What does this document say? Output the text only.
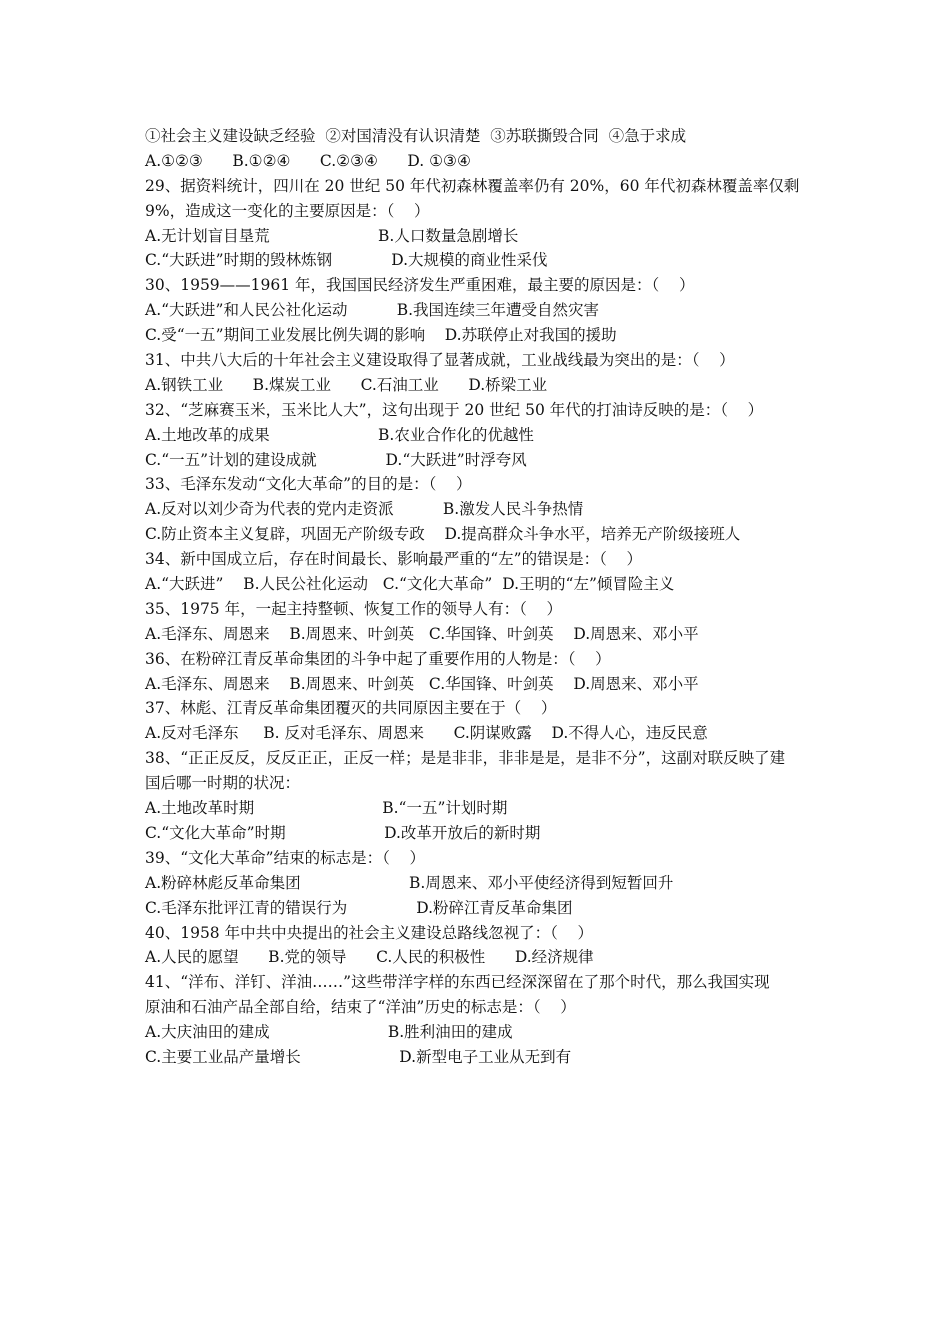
①社会主义建设缺乏经验  ②对国清没有认识清楚  ③苏联撕毁合同  ④急于求成
A.①②③      B.①②④      C.②③④      D. ①③④
29、据资料统计，四川在 20 世纪 50 年代初森林覆盖率仍有 20%，60 年代初森林覆盖率仅剩
9%，造成这一变化的主要原因是：（    ）
A.无计划盲目垦荒                      B.人口数量急剧增长
C.“大跃进”时期的毁林炼钢            D.大规模的商业性采伐
30、1959——1961 年，我国国民经济发生严重困难，最主要的原因是：（    ）
A.“大跃进”和人民公社化运动          B.我国连续三年遭受自然灾害
C.受“一五”期间工业发展比例失调的影响    D.苏联停止对我国的援助
31、中共八大后的十年社会主义建设取得了显著成就，工业战线最为突出的是：（    ）
A.钢铁工业      B.煤炭工业      C.石油工业      D.桥梁工业
32、“芝麻赛玉米，玉米比人大”，这句出现于 20 世纪 50 年代的打油诗反映的是：（    ）
A.土地改革的成果                      B.农业合作化的优越性
C.“一五”计划的建设成就              D.“大跃进”时浮夸风
33、毛泽东发动“文化大革命”的目的是：（    ）
A.反对以刘少奇为代表的党内走资派          B.激发人民斗争热情
C.防止资本主义复辟，巩固无产阶级专政    D.提高群众斗争水平，培养无产阶级接班人
34、新中国成立后，存在时间最长、影响最严重的“左”的错误是：（    ）
A.“大跃进”    B.人民公社化运动   C.“文化大革命”  D.王明的“左”倾冒险主义
35、1975 年，一起主持整顿、恢复工作的领导人有：（    ）
A.毛泽东、周恩来    B.周恩来、叶剑英   C.华国锋、叶剑英    D.周恩来、邓小平
36、在粉碎江青反革命集团的斗争中起了重要作用的人物是：（    ）
A.毛泽东、周恩来    B.周恩来、叶剑英   C.华国锋、叶剑英    D.周恩来、邓小平
37、林彪、江青反革命集团覆灭的共同原因主要在于（    ）
A.反对毛泽东     B. 反对毛泽东、周恩来      C.阴谋败露    D.不得人心，违反民意
38、“正正反反，反反正正，正反一样；是是非非，非非是是，是非不分”，这副对联反映了建
国后哪一时期的状况：
A.土地改革时期                          B.“一五”计划时期
C.“文化大革命”时期                    D.改革开放后的新时期
39、“文化大革命”结束的标志是：（    ）
A.粉碎林彪反革命集团                      B.周恩来、邓小平使经济得到短暂回升
C.毛泽东批评江青的错误行为              D.粉碎江青反革命集团
40、1958 年中共中央提出的社会主义建设总路线忽视了：（    ）
A.人民的愿望      B.党的领导      C.人民的积极性      D.经济规律
41、“洋布、洋钉、洋油……”这些带洋字样的东西已经深深留在了那个时代，那么我国实现
原油和石油产品全部自给，结束了“洋油”历史的标志是：（    ）
A.大庆油田的建成                        B.胜利油田的建成
C.主要工业品产量增长                    D.新型电子工业从无到有
